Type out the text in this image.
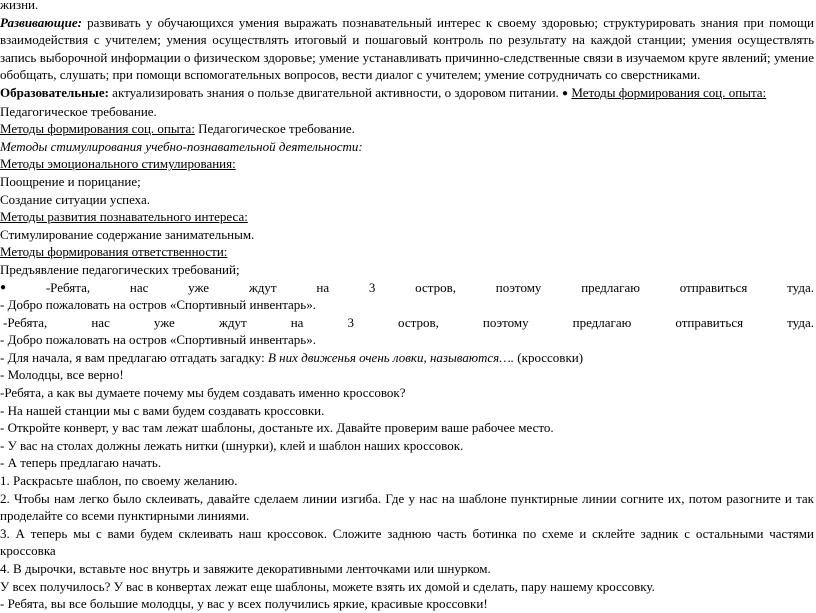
жизни.

Развивающие: развивать у обучающихся умения выражать познавательный интерес к своему здоровью; структурировать знания при помощи взаимодействия с учителем; умения осуществлять итоговый и пошаговый контроль по результату на каждой станции; умения осуществлять запись выборочной информации о физическом здоровье; умение устанавливать причинно-следственные связи в изучаемом круге явлений; умение обобщать, слушать; при помощи вспомогательных вопросов, вести диалог с учителем; умение сотрудничать со сверстниками.

Образовательные: актуализировать знания о пользе двигательной активности, о здоровом питании. ● Методы формирования соц. опыта:
Педагогическое требование.

Методы формирования соц. опыта: Педагогическое требование.

Методы стимулирования учебно-познавательной деятельности:

Методы эмоционального стимулирования:

Поощрение и порицание;

Создание ситуации успеха.

Методы развития познавательного интереса:

Стимулирование содержание занимательным.

Методы формирования ответственности:

Предъявление педагогических требований;

●	-Ребята,	нас	уже	ждут	на	3	остров,	поэтому	предлагаю	отправиться	туда.

- Добро пожаловать на остров «Спортивный инвентарь».

-Ребята,	нас	уже	ждут	на	3	остров,	поэтому	предлагаю	отправиться	туда.

- Добро пожаловать на остров «Спортивный инвентарь».

- Для начала, я вам предлагаю отгадать загадку: В них движенья очень ловки, называются…. (кроссовки)

- Молодцы, все верно!

-Ребята, а как вы думаете почему мы будем создавать именно кроссовок?

- На нашей станции мы с вами будем создавать кроссовки.

- Откройте конверт, у вас там лежат шаблоны, достаньте их. Давайте проверим ваше рабочее место.

- У вас на столах должны лежать нитки (шнурки), клей и шаблон наших кроссовок.

- А теперь предлагаю начать.

1. Раскрасьте шаблон, по своему желанию.

2. Чтобы нам легко было склеивать, давайте сделаем линии изгиба. Где у нас на шаблоне пунктирные линии согните их, потом разогните и так проделайте со всеми пунктирными линиями.

3. А теперь мы с вами будем склеивать наш кроссовок. Сложите заднюю часть ботинка по схеме и склейте задник с остальными частями кроссовка

4. В дырочки, вставьте нос внутрь и завяжите декоративными ленточками или шнурком.

У всех получилось? У вас в конвертах лежат еще шаблоны, можете взять их домой и сделать, пару нашему кроссовку.

- Ребята, вы все большие молодцы, у вас у всех получились яркие, красивые кроссовки!
